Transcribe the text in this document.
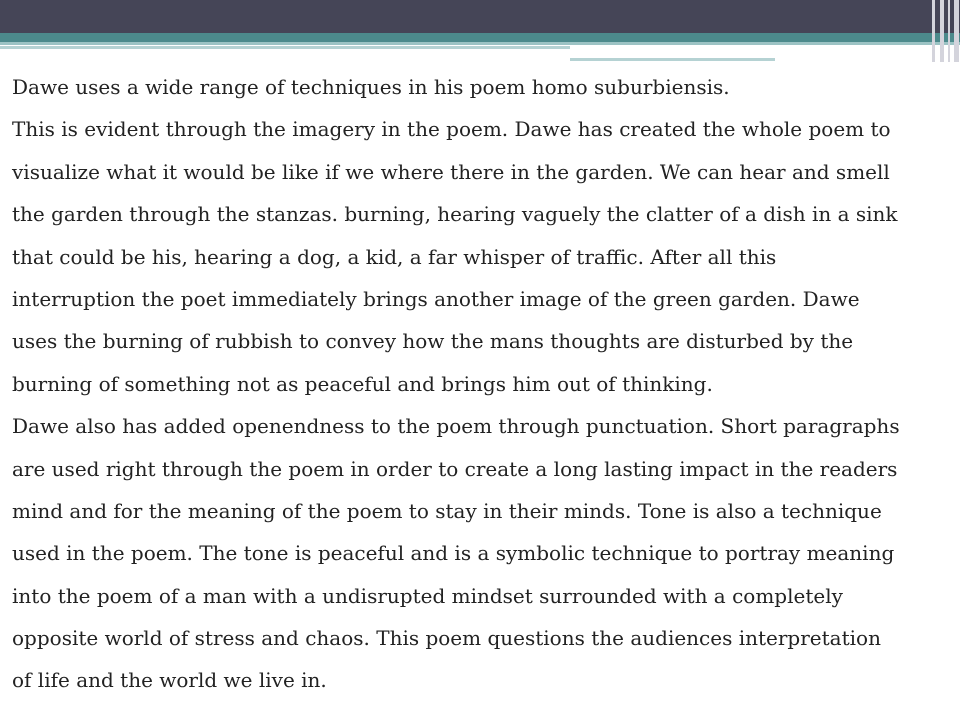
Dawe uses a wide range of techniques in his poem homo suburbiensis.
This is evident through the imagery in the poem. Dawe has created the whole poem to
visualize what it would be like if we where there in the garden. We can hear and smell
the garden through the stanzas. burning, hearing vaguely the clatter of a dish in a sink
that could be his, hearing a dog, a kid, a far whisper of traffic. After all this
interruption the poet immediately brings another image of the green garden. Dawe
uses the burning of rubbish to convey how the mans thoughts are disturbed by the
burning of something not as peaceful and brings him out of thinking.
Dawe also has added openendness to the poem through punctuation. Short paragraphs
are used right through the poem in order to create a long lasting impact in the readers
mind and for the meaning of the poem to stay in their minds. Tone is also a technique
used in the poem. The tone is peaceful and is a symbolic technique to portray meaning
into the poem of a man with a undisrupted mindset surrounded with a completely
opposite world of stress and chaos. This poem questions the audiences interpretation
of life and the world we live in.
